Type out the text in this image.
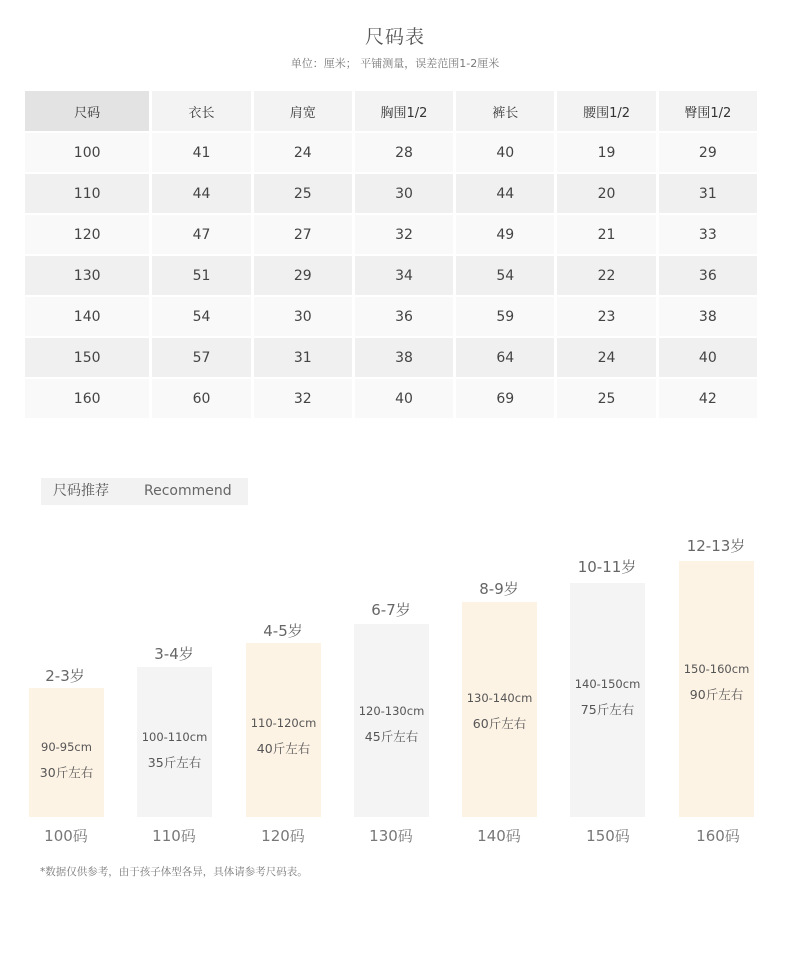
尺码表
单位：厘米； 平铺测量，误差范围1-2厘米
尺码	衣长	肩宽	胸围1/2	裤长	腰围1/2	臀围1/2
100	41	24	28	40	19	29
110	44	25	30	44	20	31
120	47	27	32	49	21	33
130	51	29	34	54	22	36
140	54	30	36	59	23	38
150	57	31	38	64	24	40
160	60	32	40	69	25	42
尺码推荐	Recommend
2-3岁
90-95cm
30斤左右
100码
3-4岁
100-110cm
35斤左右
110码
4-5岁
110-120cm
40斤左右
120码
6-7岁
120-130cm
45斤左右
130码
8-9岁
130-140cm
60斤左右
140码
10-11岁
140-150cm
75斤左右
150码
12-13岁
150-160cm
90斤左右
160码
*数据仅供参考，由于孩子体型各异，具体请参考尺码表。
